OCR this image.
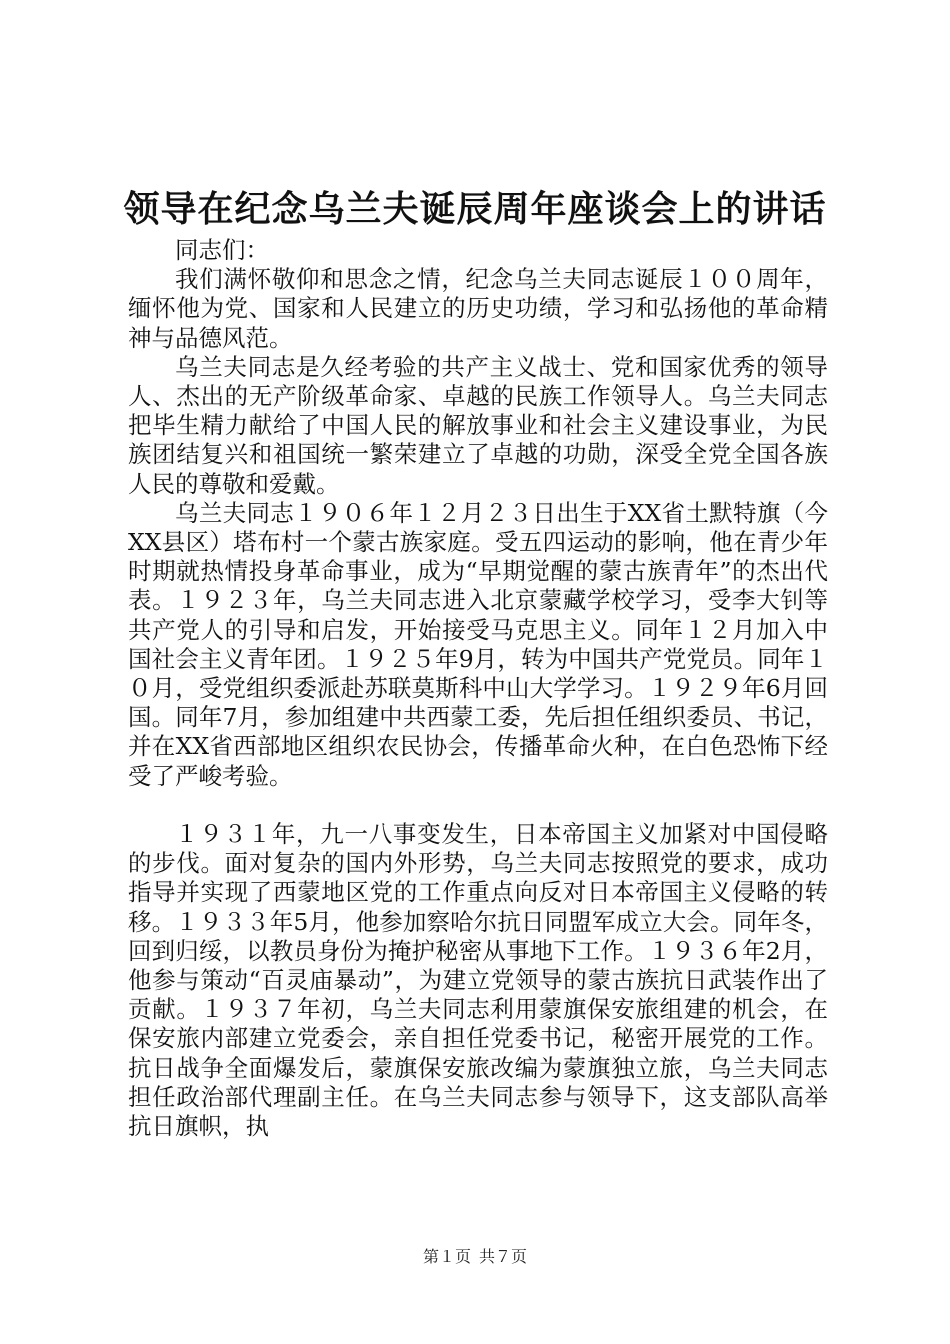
领导在纪念乌兰夫诞辰周年座谈会上的讲话

同志们：

我们满怀敬仰和思念之情，纪念乌兰夫同志诞辰１００周年，缅怀他为党、国家和人民建立的历史功绩，学习和弘扬他的革命精神与品德风范。

乌兰夫同志是久经考验的共产主义战士、党和国家优秀的领导人、杰出的无产阶级革命家、卓越的民族工作领导人。乌兰夫同志把毕生精力献给了中国人民的解放事业和社会主义建设事业，为民族团结复兴和祖国统一繁荣建立了卓越的功勋，深受全党全国各族人民的尊敬和爱戴。

乌兰夫同志１９０６年１２月２３日出生于XX省土默特旗（今XX县区）塔布村一个蒙古族家庭。受五四运动的影响，他在青少年时期就热情投身革命事业，成为“早期觉醒的蒙古族青年”的杰出代表。１９２３年，乌兰夫同志进入北京蒙藏学校学习，受李大钊等共产党人的引导和启发，开始接受马克思主义。同年１２月加入中国社会主义青年团。１９２５年9月，转为中国共产党党员。同年１０月，受党组织委派赴苏联莫斯科中山大学学习。１９２９年6月回国。同年7月，参加组建中共西蒙工委，先后担任组织委员、书记，并在XX省西部地区组织农民协会，传播革命火种，在白色恐怖下经受了严峻考验。

１９３１年，九一八事变发生，日本帝国主义加紧对中国侵略的步伐。面对复杂的国内外形势，乌兰夫同志按照党的要求，成功指导并实现了西蒙地区党的工作重点向反对日本帝国主义侵略的转移。１９３３年5月，他参加察哈尔抗日同盟军成立大会。同年冬，回到归绥，以教员身份为掩护秘密从事地下工作。１９３６年2月，他参与策动“百灵庙暴动”，为建立党领导的蒙古族抗日武装作出了贡献。１９３７年初，乌兰夫同志利用蒙旗保安旅组建的机会，在保安旅内部建立党委会，亲自担任党委书记，秘密开展党的工作。抗日战争全面爆发后，蒙旗保安旅改编为蒙旗独立旅，乌兰夫同志担任政治部代理副主任。在乌兰夫同志参与领导下，这支部队高举抗日旗帜，执

第１页 共７页
